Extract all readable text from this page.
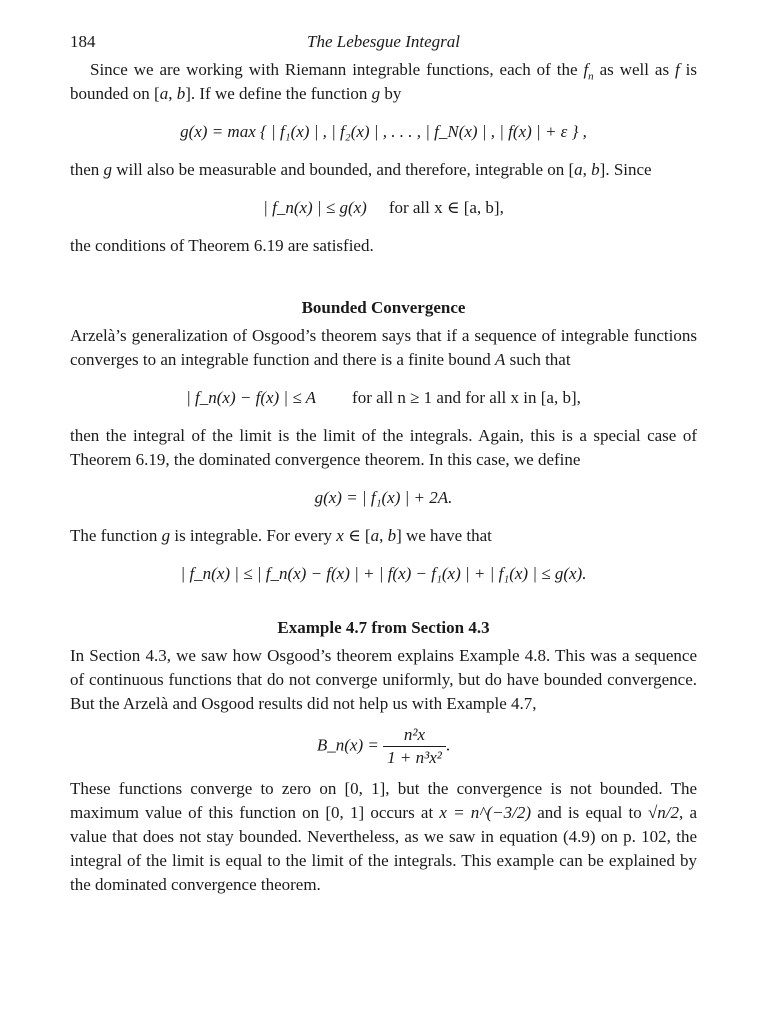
184	The Lebesgue Integral

Since we are working with Riemann integrable functions, each of the $f_n$ as well as f is bounded on [a, b]. If we define the function g by

g(x) = max { | f₁(x) | , | f₂(x) | , . . . , | f_N(x) | , | f(x) | + ε } ,

then g will also be measurable and bounded, and therefore, integrable on [a, b]. Since

| f_n(x) | ≤ g(x) for all x ∈ [a, b],

the conditions of Theorem 6.19 are satisfied.

Bounded Convergence

Arzelà’s generalization of Osgood’s theorem says that if a sequence of integrable functions converges to an integrable function and there is a finite bound A such that

| f_n(x) − f(x) | ≤ A for all n ≥ 1 and for all x in [a, b],

then the integral of the limit is the limit of the integrals. Again, this is a special case of Theorem 6.19, the dominated convergence theorem. In this case, we define

g(x) = | f₁(x) | + 2A.

The function g is integrable. For every x ∈ [a, b] we have that

| f_n(x) | ≤ | f_n(x) − f(x) | + | f(x) − f₁(x) | + | f₁(x) | ≤ g(x).
Example 4.7 from Section 4.3

In Section 4.3, we saw how Osgood’s theorem explains Example 4.8. This was a sequence of continuous functions that do not converge uniformly, but do have bounded convergence. But the Arzelà and Osgood results did not help us with Example 4.7,

B_n(x) = $\frac{\text{n²x}}{\text{1 + n³x²}}$ .

These functions converge to zero on [0, 1], but the convergence is not bounded. The maximum value of this function on [0, 1] occurs at x = n^(−3/2) and is equal to √n/2, a value that does not stay bounded. Nevertheless, as we saw in equation (4.9) on p. 102, the integral of the limit is equal to the limit of the integrals. This example can be explained by the dominated convergence theorem.
